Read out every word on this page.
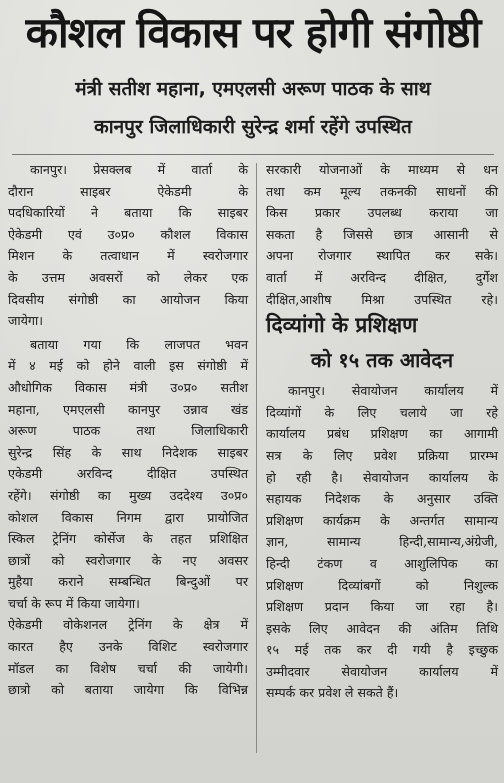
कौशल विकास पर होगी संगोष्ठी
मंत्री सतीश महाना, एमएलसी अरूण पाठक के साथ
कानपुर जिलाधिकारी सुरेन्द्र शर्मा रहेंगे उपस्थित

कानपुर। प्रेसक्लब में वार्ता के

दौरान साइबर ऐकेडमी के

पदधिकारियों ने बताया कि साइबर

ऐकेडमी एवं उ०प्र० कौशल विकास

मिशन के तत्वाधान में स्वरोजगार

के उत्तम अवसरों को लेकर एक

दिवसीय संगोष्ठी का आयोजन किया

जायेगा।

बताया गया कि लाजपत भवन

में ४ मई को होने वाली इस संगोष्ठी में

औधोगिक विकास मंत्री उ०प्र० सतीश

महाना, एमएलसी कानपुर उन्नाव खंड

अरूण पाठक तथा जिलाधिकारी

सुरेन्द्र सिंह के साथ निदेशक साइबर

एकेडमी अरविन्द दीक्षित उपस्थित

रहेंगे। संगोष्ठी का मुख्य उददेश्य उ०प्र०

कोशल विकास निगम द्वारा प्रायोजित

स्किल ट्रेनिंग कोर्सेज के तहत प्रशिक्षित

छात्रों को स्वरोजगार के नए अवसर

मुहैया कराने सम्बन्धित बिन्दुओं पर

चर्चा के रूप में किया जायेगा।

ऐकेडमी वोकेशनल ट्रेनिंग के क्षेत्र में

कारत हैए उनके विशिट स्वरोजगार

मॉडल का विशेष चर्चा की जायेगी।

छात्रो को बताया जायेगा कि विभिन्न

सरकारी योजनाओं के माध्यम से धन

तथा कम मूल्य तकनकी साधनों की

किस प्रकार उपलब्ध कराया जा

सकता है जिससे छात्र आसानी से

अपना रोजगार स्थापित कर सके।

वार्ता में अरविन्द दीक्षित, दुर्गेश

दीक्षित,आशीष मिश्रा उपस्थित रहे।

दिव्यांगो के प्रशिक्षण
को १५ तक आवेदन

कानपुर। सेवायोजन कार्यालय में

दिव्यांगों के लिए चलाये जा रहे

कार्यालय प्रबंध प्रशिक्षण का आगामी

सत्र के लिए प्रवेश प्रक्रिया प्रारम्भ

हो रही है। सेवायोजन कार्यालय के

सहायक निदेशक के अनुसार उक्ति

प्रशिक्षण कार्यक्रम के अन्तर्गत सामान्य

ज्ञान, सामान्य हिन्दी,सामान्य,अंग्रेजी,

हिन्दी टंकण व आशुलिपिक का

प्रशिक्षण दिव्यांबगों को निशुल्क

प्रशिक्षण प्रदान किया जा रहा है।

इसके लिए आवेदन की अंतिम तिथि

१५ मई तक कर दी गयी है इच्छुक

उम्मीदवार सेवायोजन कार्यालय में

सम्पर्क कर प्रवेश ले सकते हैं।
